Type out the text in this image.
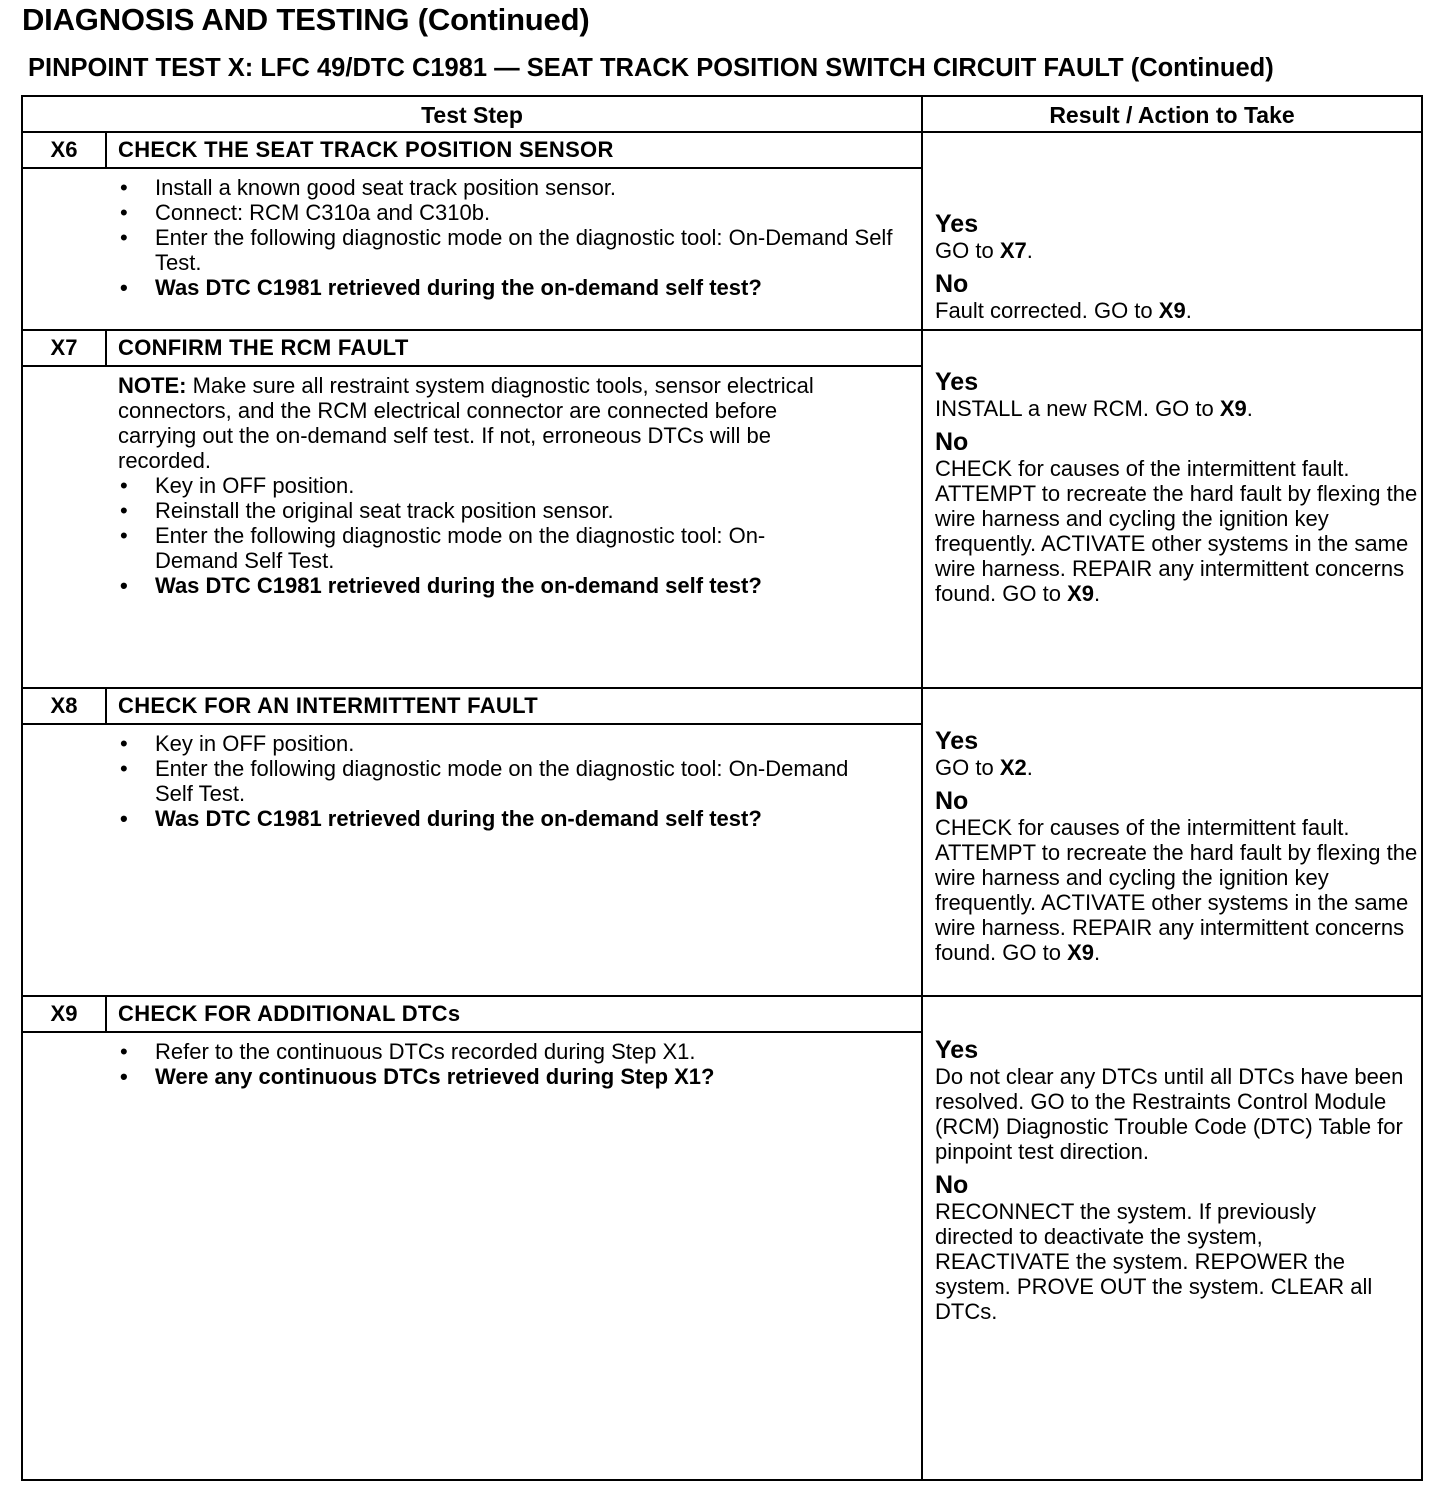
DIAGNOSIS AND TESTING (Continued)
PINPOINT TEST X: LFC 49/DTC C1981 — SEAT TRACK POSITION SWITCH CIRCUIT FAULT (Continued)
Test Step	Result / Action to Take
X6	CHECK THE SEAT TRACK POSITION SENSOR
• Install a known good seat track position sensor.
• Connect: RCM C310a and C310b.
• Enter the following diagnostic mode on the diagnostic tool: On-Demand Self Test.
• Was DTC C1981 retrieved during the on-demand self test?
Yes
GO to X7.
No
Fault corrected. GO to X9.
X7	CONFIRM THE RCM FAULT

NOTE: Make sure all restraint system diagnostic tools, sensor electrical connectors, and the RCM electrical connector are connected before carrying out the on-demand self test. If not, erroneous DTCs will be recorded.

• Key in OFF position.
• Reinstall the original seat track position sensor.
• Enter the following diagnostic mode on the diagnostic tool: On-Demand Self Test.
• Was DTC C1981 retrieved during the on-demand self test?
Yes
INSTALL a new RCM. GO to X9.
No
CHECK for causes of the intermittent fault. ATTEMPT to recreate the hard fault by flexing the wire harness and cycling the ignition key frequently. ACTIVATE other systems in the same wire harness. REPAIR any intermittent concerns found. GO to X9.
X8	CHECK FOR AN INTERMITTENT FAULT
• Key in OFF position.
• Enter the following diagnostic mode on the diagnostic tool: On-Demand Self Test.
• Was DTC C1981 retrieved during the on-demand self test?
Yes
GO to X2.
No
CHECK for causes of the intermittent fault. ATTEMPT to recreate the hard fault by flexing the wire harness and cycling the ignition key frequently. ACTIVATE other systems in the same wire harness. REPAIR any intermittent concerns found. GO to X9.
X9	CHECK FOR ADDITIONAL DTCs
• Refer to the continuous DTCs recorded during Step X1.
• Were any continuous DTCs retrieved during Step X1?
Yes
Do not clear any DTCs until all DTCs have been resolved. GO to the Restraints Control Module (RCM) Diagnostic Trouble Code (DTC) Table for pinpoint test direction.
No
RECONNECT the system. If previously directed to deactivate the system, REACTIVATE the system. REPOWER the system. PROVE OUT the system. CLEAR all DTCs.
